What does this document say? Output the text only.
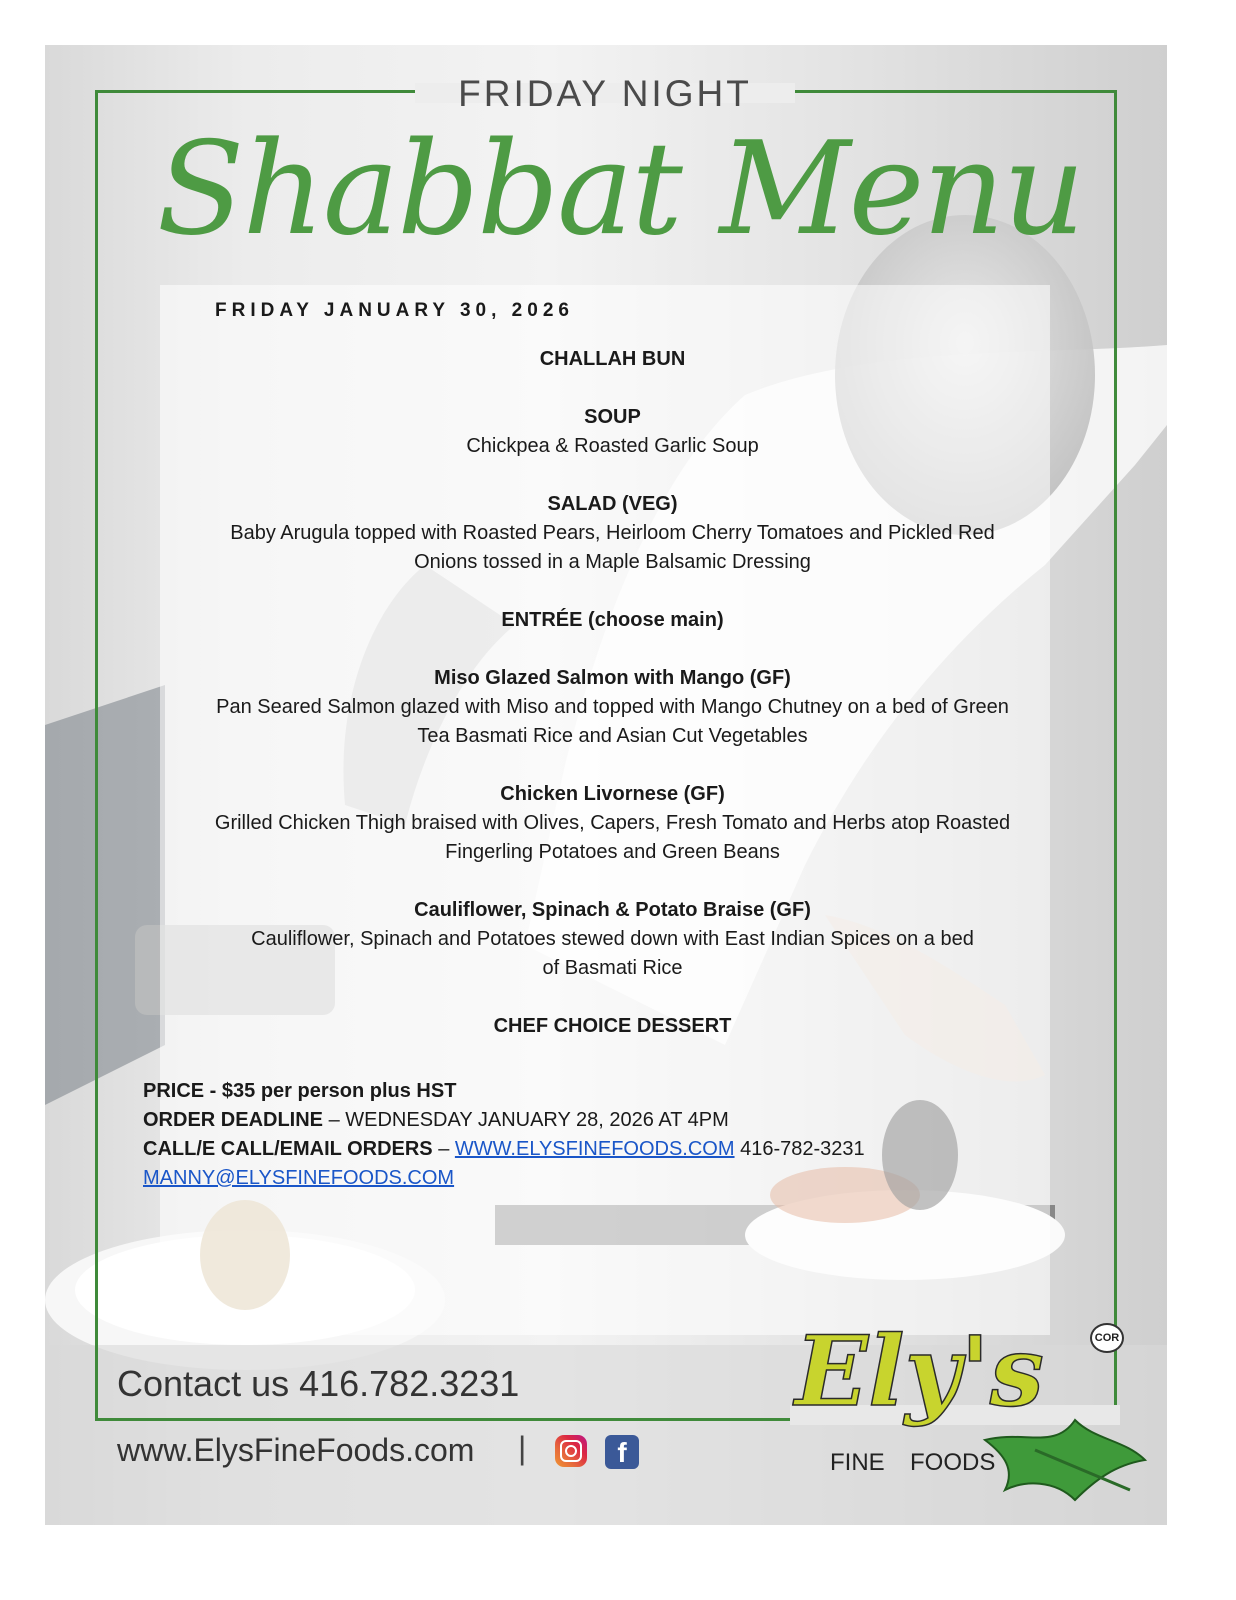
FRIDAY NIGHT
Shabbat Menu
FRIDAY JANUARY 30, 2026
CHALLAH BUN
SOUP
Chickpea & Roasted Garlic Soup
SALAD (VEG)
Baby Arugula topped with Roasted Pears, Heirloom Cherry Tomatoes and Pickled Red
Onions tossed in a Maple Balsamic Dressing
ENTRÉE (choose main)
Miso Glazed Salmon with Mango (GF)
Pan Seared Salmon glazed with Miso and topped with Mango Chutney on a bed of Green
Tea Basmati Rice and Asian Cut Vegetables
Chicken Livornese (GF)
Grilled Chicken Thigh braised with Olives, Capers, Fresh Tomato and Herbs atop Roasted
Fingerling Potatoes and Green Beans
Cauliflower, Spinach & Potato Braise (GF)
Cauliflower, Spinach and Potatoes stewed down with East Indian Spices on a bed
of Basmati Rice
CHEF CHOICE DESSERT
PRICE - $35 per person plus HST
ORDER DEADLINE – WEDNESDAY JANUARY 28, 2026 AT 4PM
CALL/E CALL/EMAIL ORDERS – WWW.ELYSFINEFOODS.COM 416-782-3231
MANNY@ELYSFINEFOODS.COM
Contact us 416.782.3231
www.ElysFineFoods.com |	f
Ely's
FINE FOODS
COR
